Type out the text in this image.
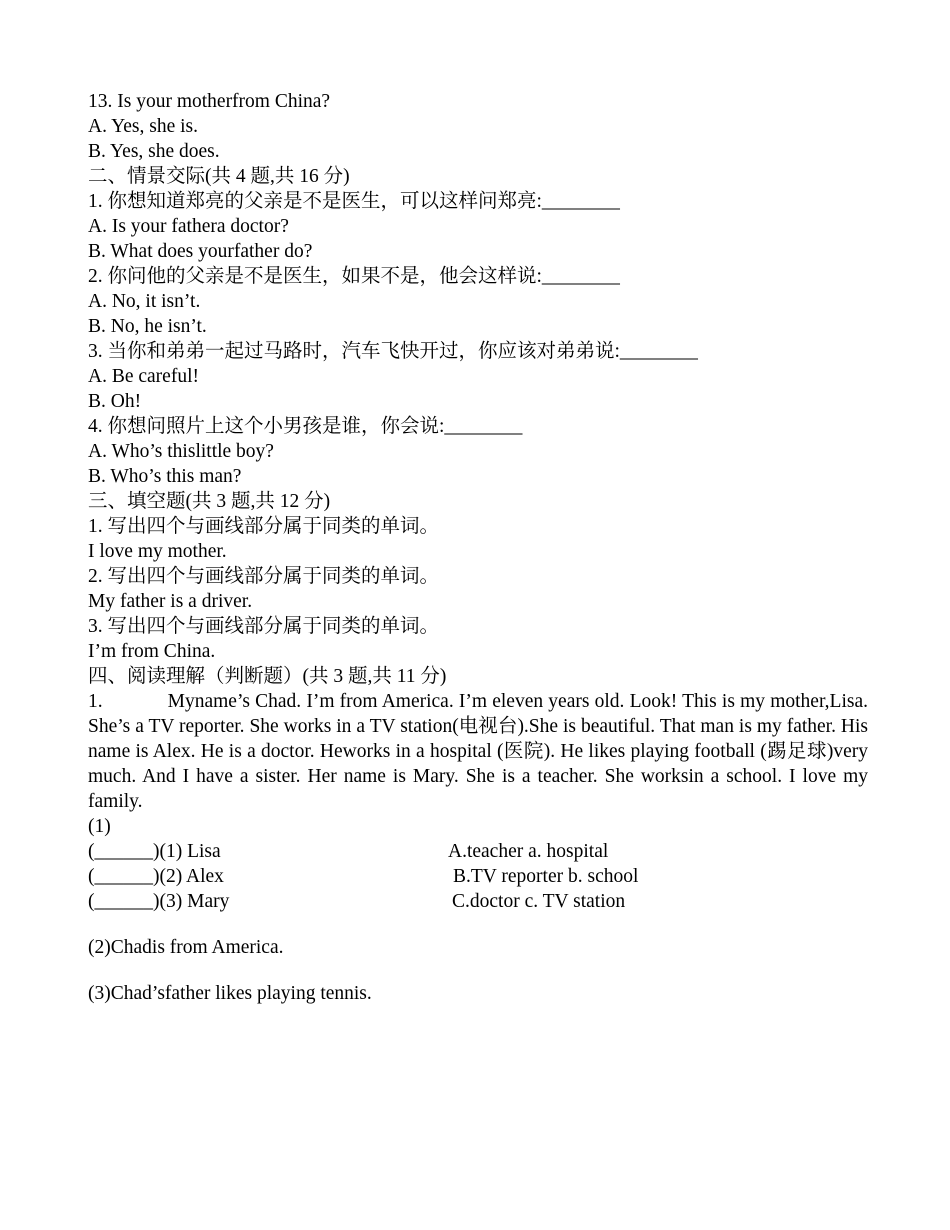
13. Is your motherfrom China?
A. Yes, she is.
B. Yes, she does.
二、情景交际(共 4 题,共 16 分)
1. 你想知道郑亮的父亲是不是医生，可以这样问郑亮:________
A. Is your fathera doctor?
B. What does yourfather do?
2. 你问他的父亲是不是医生，如果不是，他会这样说:________
A. No, it isn’t.
B. No, he isn’t.
3. 当你和弟弟一起过马路时，汽车飞快开过，你应该对弟弟说:________
A. Be careful!
B. Oh!
4. 你想问照片上这个小男孩是谁，你会说:________
A. Who’s thislittle boy?
B. Who’s this man?
三、填空题(共 3 题,共 12 分)
1. 写出四个与画线部分属于同类的单词。
I love my mother.
2. 写出四个与画线部分属于同类的单词。
My father is a driver.
3. 写出四个与画线部分属于同类的单词。
I’m from China.
四、阅读理解（判断题）(共 3 题,共 11 分)
1.	Myname’s Chad. I’m from America. I’m eleven years old. Look! This is my mother,Lisa. She’s a TV reporter. She works in a TV station(电视台).She is beautiful. That man is my father. His name is Alex. He is a doctor. Heworks in a hospital (医院). He likes playing football (踢足球)very much. And I have a sister. Her name is Mary. She is a teacher. She worksin a school. I love my family.
(1)
(______)(1) Lisa	A.teacher a. hospital
(______)(2) Alex	B.TV reporter b. school
(______)(3) Mary	C.doctor c. TV station
(2)Chadis from America.
(3)Chad’sfather likes playing tennis.
